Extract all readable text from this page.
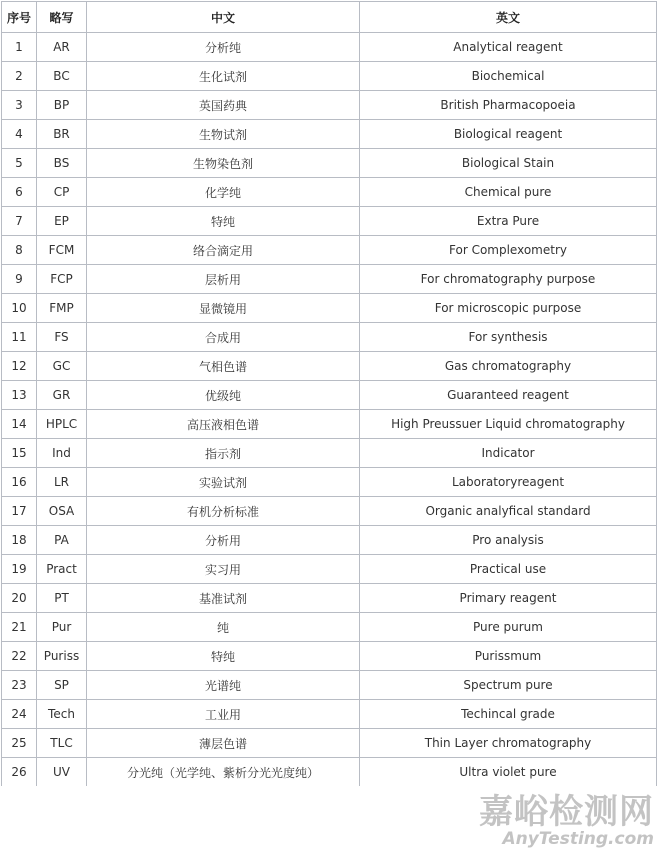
序号	略写	中文	英文
1	AR	分析纯	Analytical reagent
2	BC	生化试剂	Biochemical
3	BP	英国药典	British Pharmacopoeia
4	BR	生物试剂	Biological reagent
5	BS	生物染色剂	Biological Stain
6	CP	化学纯	Chemical pure
7	EP	特纯	Extra Pure
8	FCM	络合滴定用	For Complexometry
9	FCP	层析用	For chromatography purpose
10	FMP	显微镜用	For microscopic purpose
11	FS	合成用	For synthesis
12	GC	气相色谱	Gas chromatography
13	GR	优级纯	Guaranteed reagent
14	HPLC	高压液相色谱	High Preussuer Liquid chromatography
15	Ind	指示剂	Indicator
16	LR	实验试剂	Laboratoryreagent
17	OSA	有机分析标准	Organic analyfical standard
18	PA	分析用	Pro analysis
19	Pract	实习用	Practical use
20	PT	基准试剂	Primary reagent
21	Pur	纯	Pure purum
22	Puriss	特纯	Purissmum
23	SP	光谱纯	Spectrum pure
24	Tech	工业用	Techincal grade
25	TLC	薄层色谱	Thin Layer chromatography
26	UV	分光纯（光学纯、紫析分光光度纯）	Ultra violet pure
嘉峪检测网
AnyTesting.com
